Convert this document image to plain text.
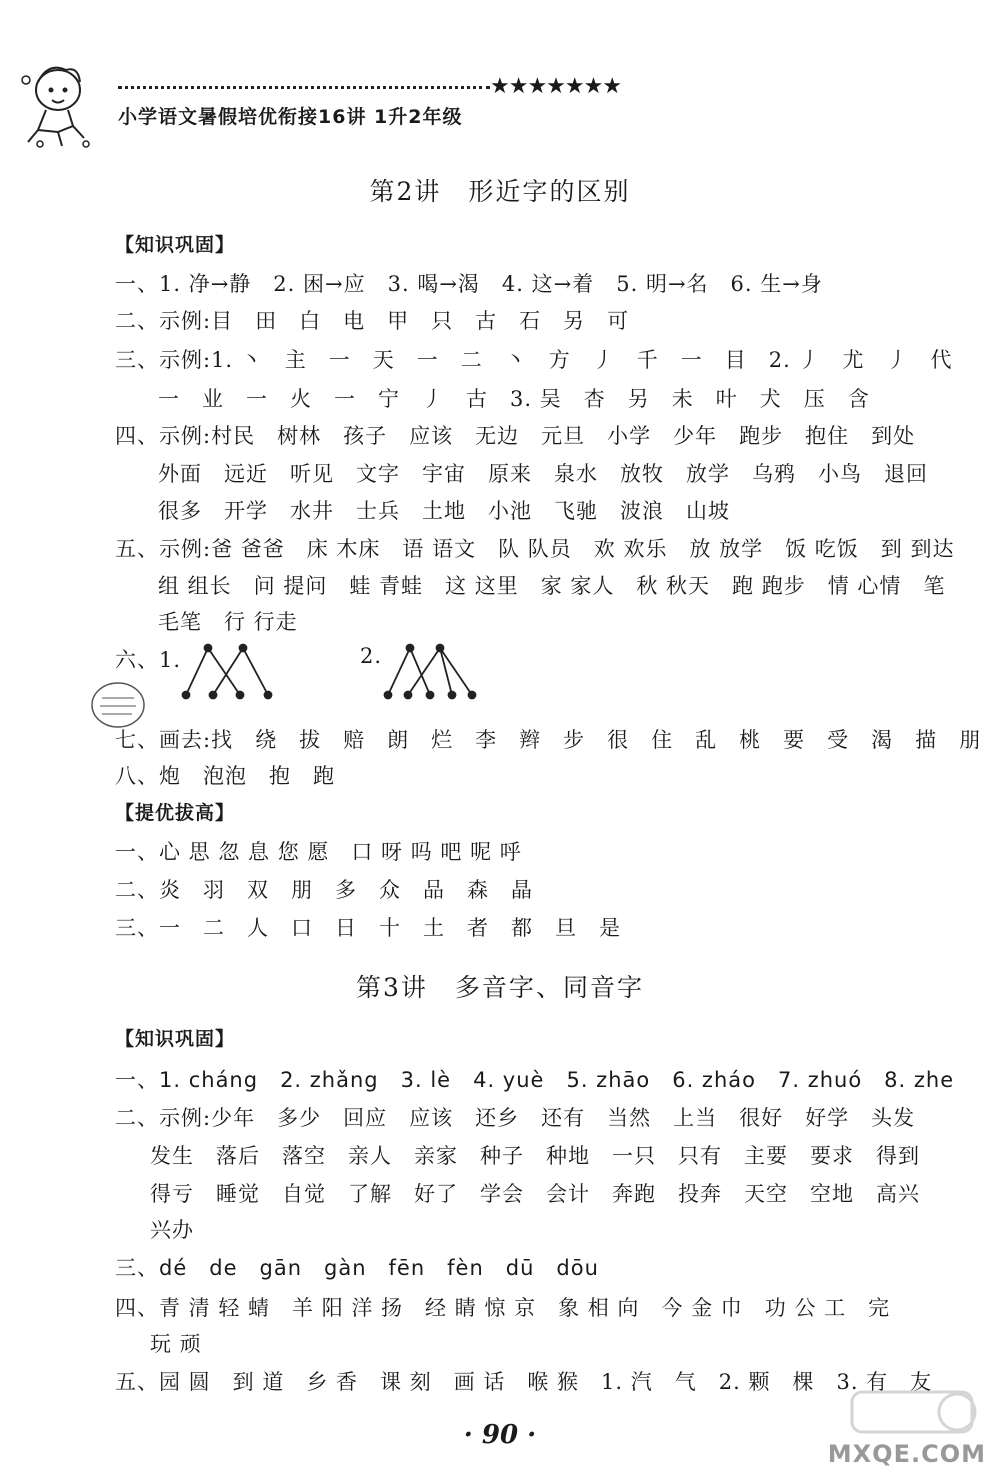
★★★★★★★
小学语文暑假培优衔接16讲 1升2年级
第2讲　形近字的区别
【知识巩固】
一、1. 净→静　2. 困→应　3. 喝→渴　4. 这→着　5. 明→名　6. 生→身
二、示例:目　田　白　电　甲　只　古　石　另　可
三、示例:1. 丶　主　一　天　一　二　丶　方　丿　千　一　目　2. 丿　尤　丿　代
一　业　一　火　一　宁　丿　古　3. 吴　杏　另　未　叶　犬　压　含
四、示例:村民　树林　孩子　应该　无边　元旦　小学　少年　跑步　抱住　到处
外面　远近　听见　文字　宇宙　原来　泉水　放牧　放学　乌鸦　小鸟　退回
很多　开学　水井　士兵　土地　小池　飞驰　波浪　山坡
五、示例:爸 爸爸　床 木床　语 语文　队 队员　欢 欢乐　放 放学　饭 吃饭　到 到达
组 组长　问 提问　蛙 青蛙　这 这里　家 家人　秋 秋天　跑 跑步　情 心情　笔
毛笔　行 行走
六、1.	2.
七、画去:找　绕　拔　赔　朗　烂　李　辫　步　很　住　乱　桃　要　受　渴　描　朋
八、炮　泡泡　抱　跑
【提优拔高】
一、心 思 忽 息 您 愿　口 呀 吗 吧 呢 呼
二、炎　羽　双　朋　多　众　品　森　晶
三、一　二　人　口　日　十　土　者　都　旦　是
第3讲　多音字、同音字
【知识巩固】
一、1. cháng　2. zhǎng　3. lè　4. yuè　5. zhāo　6. zháo　7. zhuó　8. zhe
二、示例:少年　多少　回应　应该　还乡　还有　当然　上当　很好　好学　头发
发生　落后　落空　亲人　亲家　种子　种地　一只　只有　主要　要求　得到
得亏　睡觉　自觉　了解　好了　学会　会计　奔跑　投奔　天空　空地　高兴
兴办
三、dé　de　gān　gàn　fēn　fèn　dū　dōu
四、青 清 轻 蜻　羊 阳 洋 扬　经 睛 惊 京　象 相 向　今 金 巾　功 公 工　完
玩 顽
五、园 圆　到 道　乡 香　课 刻　画 话　喉 猴　1. 汽　气　2. 颗　棵　3. 有　友
· 90 ·
MXQE.COM
